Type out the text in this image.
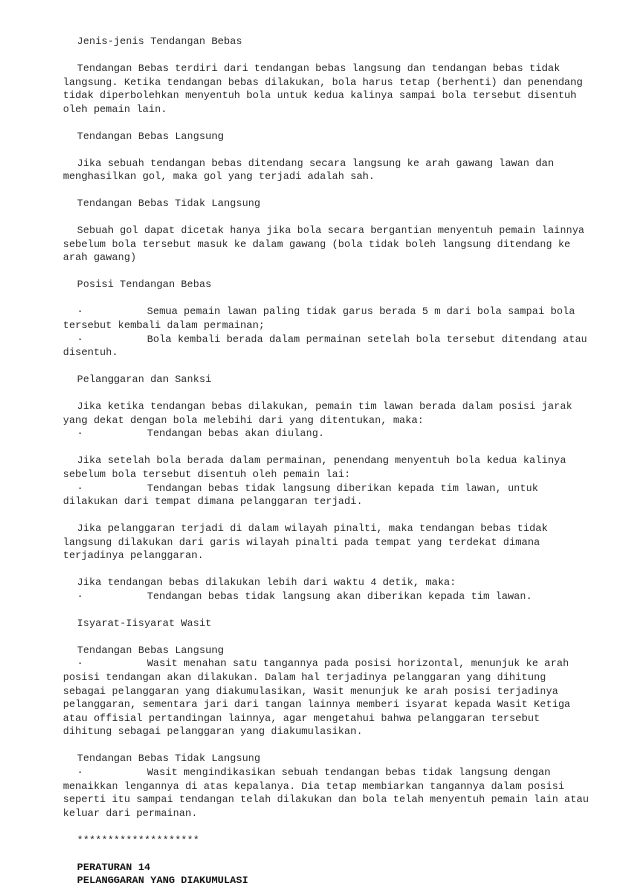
Jenis-jenis Tendangan Bebas
Tendangan Bebas terdiri dari tendangan bebas langsung dan tendangan bebas tidak
langsung. Ketika tendangan bebas dilakukan, bola harus tetap (berhenti) dan penendang
tidak diperbolehkan menyentuh bola untuk kedua kalinya sampai bola tersebut disentuh
oleh pemain lain.
Tendangan Bebas Langsung
Jika sebuah tendangan bebas ditendang secara langsung ke arah gawang lawan dan
menghasilkan gol, maka gol yang terjadi adalah sah.
Tendangan Bebas Tidak Langsung
Sebuah gol dapat dicetak hanya jika bola secara bergantian menyentuh pemain lainnya
sebelum bola tersebut masuk ke dalam gawang (bola tidak boleh langsung ditendang ke
arah gawang)
Posisi Tendangan Bebas
·	Semua pemain lawan paling tidak garus berada 5 m dari bola sampai bola
tersebut kembali dalam permainan;
·	Bola kembali berada dalam permainan setelah bola tersebut ditendang atau
disentuh.
Pelanggaran dan Sanksi
Jika ketika tendangan bebas dilakukan, pemain tim lawan berada dalam posisi jarak
yang dekat dengan bola melebihi dari yang ditentukan, maka:
·	Tendangan bebas akan diulang.
Jika setelah bola berada dalam permainan, penendang menyentuh bola kedua kalinya
sebelum bola tersebut disentuh oleh pemain lai:
·	Tendangan bebas tidak langsung diberikan kepada tim lawan, untuk
dilakukan dari tempat dimana pelanggaran terjadi.
Jika pelanggaran terjadi di dalam wilayah pinalti, maka tendangan bebas tidak
langsung dilakukan dari garis wilayah pinalti pada tempat yang terdekat dimana
terjadinya pelanggaran.
Jika tendangan bebas dilakukan lebih dari waktu 4 detik, maka:
·	Tendangan bebas tidak langsung akan diberikan kepada tim lawan.
Isyarat-Iisyarat Wasit
Tendangan Bebas Langsung
·	Wasit menahan satu tangannya pada posisi horizontal, menunjuk ke arah
posisi tendangan akan dilakukan. Dalam hal terjadinya pelanggaran yang dihitung
sebagai pelanggaran yang diakumulasikan, Wasit menunjuk ke arah posisi terjadinya
pelanggaran, sementara jari dari tangan lainnya memberi isyarat kepada Wasit Ketiga
atau offisial pertandingan lainnya, agar mengetahui bahwa pelanggaran tersebut
dihitung sebagai pelanggaran yang diakumulasikan.
Tendangan Bebas Tidak Langsung
·	Wasit mengindikasikan sebuah tendangan bebas tidak langsung dengan
menaikkan lengannya di atas kepalanya. Dia tetap membiarkan tangannya dalam posisi
seperti itu sampai tendangan telah dilakukan dan bola telah menyentuh pemain lain atau
keluar dari permainan.
********************
PERATURAN 14
PELANGGARAN YANG DIAKUMULASI
